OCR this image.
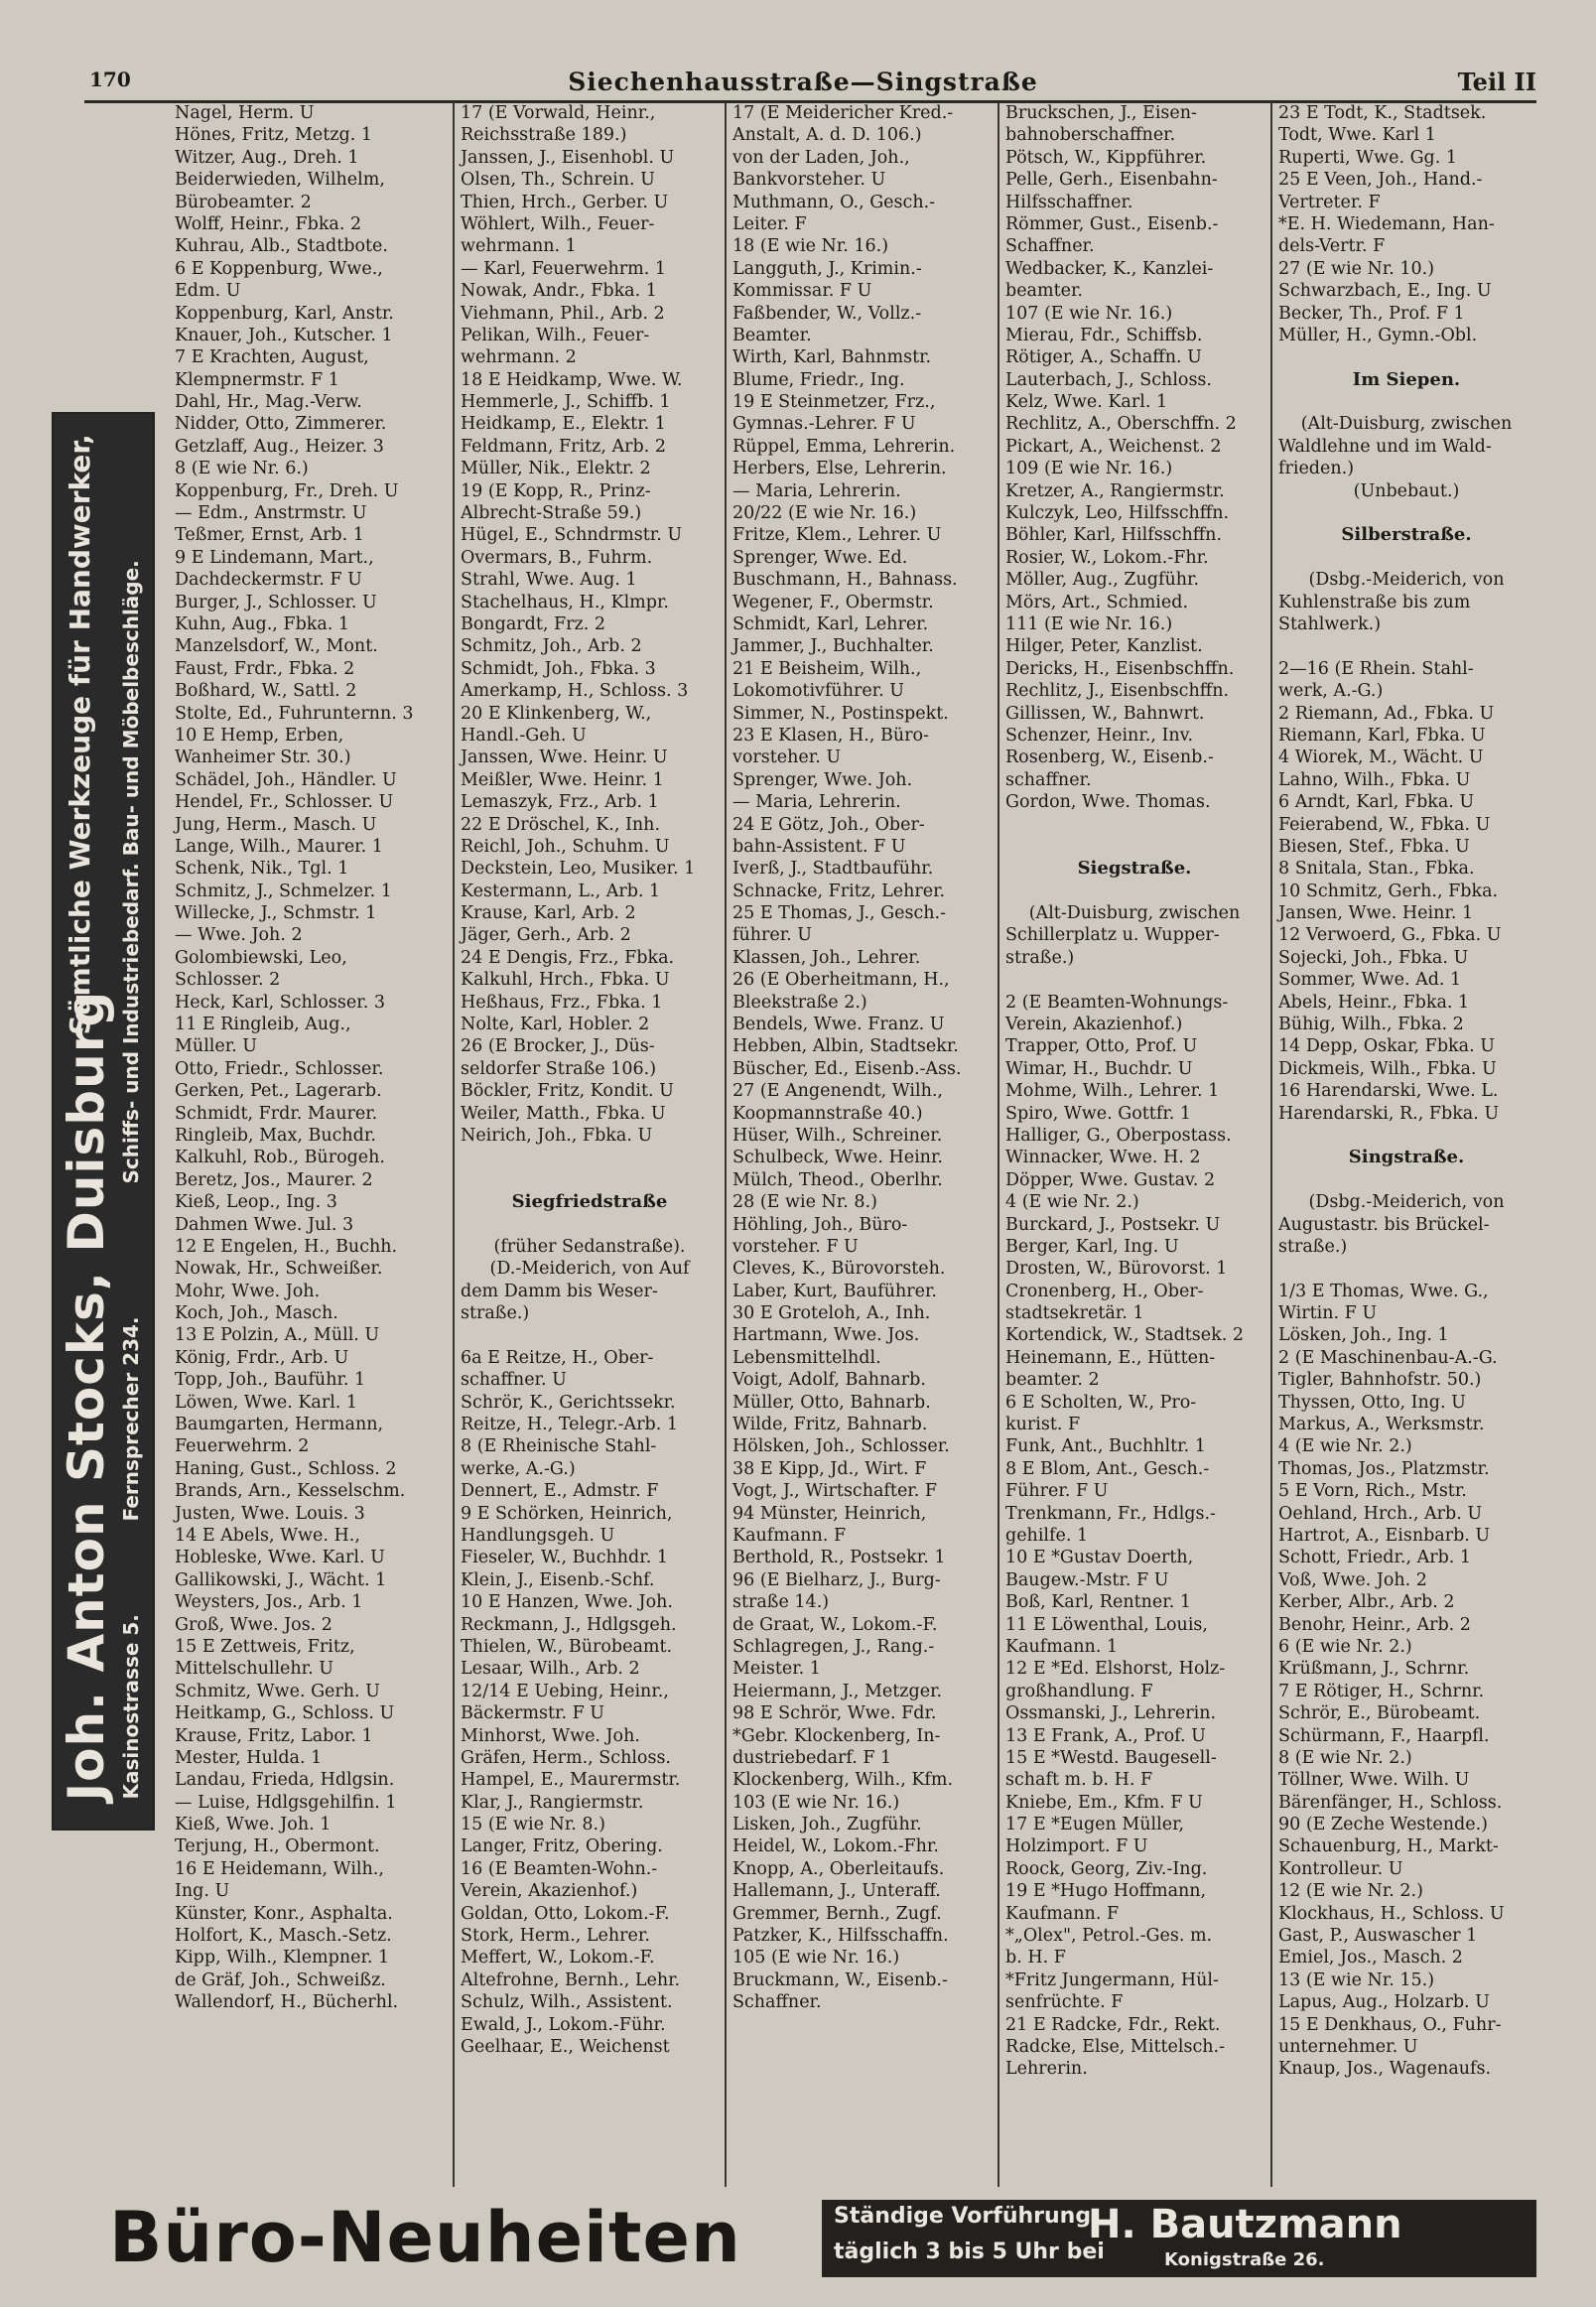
170	Siechenhausstraße—Singstraße	Teil II
Joh. Anton Stocks, Duisburg
Sämtliche Werkzeuge für Handwerker,
Kasinostrasse 5.
Fernsprecher 234.
Schiffs- und Industriebedarf. Bau- und Möbelbeschläge.
Nagel, Herm. U
Hönes, Fritz, Metzg. 1
Witzer, Aug., Dreh. 1
Beiderwieden, Wilhelm,
Bürobeamter. 2
Wolff, Heinr., Fbka. 2
Kuhrau, Alb., Stadtbote.
6 E Koppenburg, Wwe.,
Edm. U
Koppenburg, Karl, Anstr.
Knauer, Joh., Kutscher. 1
7 E Krachten, August,
Klempnermstr. F 1
Dahl, Hr., Mag.-Verw.
Nidder, Otto, Zimmerer.
Getzlaff, Aug., Heizer. 3
8 (E wie Nr. 6.)
Koppenburg, Fr., Dreh. U
— Edm., Anstrmstr. U
Teßmer, Ernst, Arb. 1
9 E Lindemann, Mart.,
Dachdeckermstr. F U
Burger, J., Schlosser. U
Kuhn, Aug., Fbka. 1
Manzelsdorf, W., Mont.
Faust, Frdr., Fbka. 2
Boßhard, W., Sattl. 2
Stolte, Ed., Fuhrunternn. 3
10 E Hemp, Erben,
Wanheimer Str. 30.)
Schädel, Joh., Händler. U
Hendel, Fr., Schlosser. U
Jung, Herm., Masch. U
Lange, Wilh., Maurer. 1
Schenk, Nik., Tgl. 1
Schmitz, J., Schmelzer. 1
Willecke, J., Schmstr. 1
— Wwe. Joh. 2
Golombiewski, Leo,
Schlosser. 2
Heck, Karl, Schlosser. 3
11 E Ringleib, Aug.,
Müller. U
Otto, Friedr., Schlosser.
Gerken, Pet., Lagerarb.
Schmidt, Frdr. Maurer.
Ringleib, Max, Buchdr.
Kalkuhl, Rob., Bürogeh.
Beretz, Jos., Maurer. 2
Kieß, Leop., Ing. 3
Dahmen Wwe. Jul. 3
12 E Engelen, H., Buchh.
Nowak, Hr., Schweißer.
Mohr, Wwe. Joh.
Koch, Joh., Masch.
13 E Polzin, A., Müll. U
König, Frdr., Arb. U
Topp, Joh., Bauführ. 1
Löwen, Wwe. Karl. 1
Baumgarten, Hermann,
Feuerwehrm. 2
Haning, Gust., Schloss. 2
Brands, Arn., Kesselschm.
Justen, Wwe. Louis. 3
14 E Abels, Wwe. H.,
Hobleske, Wwe. Karl. U
Gallikowski, J., Wächt. 1
Weysters, Jos., Arb. 1
Groß, Wwe. Jos. 2
15 E Zettweis, Fritz,
Mittelschullehr. U
Schmitz, Wwe. Gerh. U
Heitkamp, G., Schloss. U
Krause, Fritz, Labor. 1
Mester, Hulda. 1
Landau, Frieda, Hdlgsin.
— Luise, Hdlgsgehilfin. 1
Kieß, Wwe. Joh. 1
Terjung, H., Obermont.
16 E Heidemann, Wilh.,
Ing. U
Künster, Konr., Asphalta.
Holfort, K., Masch.-Setz.
Kipp, Wilh., Klempner. 1
de Gräf, Joh., Schweißz.
Wallendorf, H., Bücherhl.
17 (E Vorwald, Heinr.,
Reichsstraße 189.)
Janssen, J., Eisenhobl. U
Olsen, Th., Schrein. U
Thien, Hrch., Gerber. U
Wöhlert, Wilh., Feuer-
wehrmann. 1
— Karl, Feuerwehrm. 1
Nowak, Andr., Fbka. 1
Viehmann, Phil., Arb. 2
Pelikan, Wilh., Feuer-
wehrmann. 2
18 E Heidkamp, Wwe. W.
Hemmerle, J., Schiffb. 1
Heidkamp, E., Elektr. 1
Feldmann, Fritz, Arb. 2
Müller, Nik., Elektr. 2
19 (E Kopp, R., Prinz-
Albrecht-Straße 59.)
Hügel, E., Schndrmstr. U
Overmars, B., Fuhrm.
Strahl, Wwe. Aug. 1
Stachelhaus, H., Klmpr.
Bongardt, Frz. 2
Schmitz, Joh., Arb. 2
Schmidt, Joh., Fbka. 3
Amerkamp, H., Schloss. 3
20 E Klinkenberg, W.,
Handl.-Geh. U
Janssen, Wwe. Heinr. U
Meißler, Wwe. Heinr. 1
Lemaszyk, Frz., Arb. 1
22 E Dröschel, K., Inh.
Reichl, Joh., Schuhm. U
Deckstein, Leo, Musiker. 1
Kestermann, L., Arb. 1
Krause, Karl, Arb. 2
Jäger, Gerh., Arb. 2
24 E Dengis, Frz., Fbka.
Kalkuhl, Hrch., Fbka. U
Heßhaus, Frz., Fbka. 1
Nolte, Karl, Hobler. 2
26 (E Brocker, J., Düs-
seldorfer Straße 106.)
Böckler, Fritz, Kondit. U
Weiler, Matth., Fbka. U
Neirich, Joh., Fbka. U
Siegfriedstraße
(früher Sedanstraße).
(D.-Meiderich, von Auf
dem Damm bis Weser-
straße.)
6a E Reitze, H., Ober-
schaffner. U
Schrör, K., Gerichtssekr.
Reitze, H., Telegr.-Arb. 1
8 (E Rheinische Stahl-
werke, A.-G.)
Dennert, E., Admstr. F
9 E Schörken, Heinrich,
Handlungsgeh. U
Fieseler, W., Buchhdr. 1
Klein, J., Eisenb.-Schf.
10 E Hanzen, Wwe. Joh.
Reckmann, J., Hdlgsgeh.
Thielen, W., Bürobeamt.
Lesaar, Wilh., Arb. 2
12/14 E Uebing, Heinr.,
Bäckermstr. F U
Minhorst, Wwe. Joh.
Gräfen, Herm., Schloss.
Hampel, E., Maurermstr.
Klar, J., Rangiermstr.
15 (E wie Nr. 8.)
Langer, Fritz, Obering.
16 (E Beamten-Wohn.-
Verein, Akazienhof.)
Goldan, Otto, Lokom.-F.
Stork, Herm., Lehrer.
Meffert, W., Lokom.-F.
Altefrohne, Bernh., Lehr.
Schulz, Wilh., Assistent.
Ewald, J., Lokom.-Führ.
Geelhaar, E., Weichenst
17 (E Meidericher Kred.-
Anstalt, A. d. D. 106.)
von der Laden, Joh.,
Bankvorsteher. U
Muthmann, O., Gesch.-
Leiter. F
18 (E wie Nr. 16.)
Langguth, J., Krimin.-
Kommissar. F U
Faßbender, W., Vollz.-
Beamter.
Wirth, Karl, Bahnmstr.
Blume, Friedr., Ing.
19 E Steinmetzer, Frz.,
Gymnas.-Lehrer. F U
Rüppel, Emma, Lehrerin.
Herbers, Else, Lehrerin.
— Maria, Lehrerin.
20/22 (E wie Nr. 16.)
Fritze, Klem., Lehrer. U
Sprenger, Wwe. Ed.
Buschmann, H., Bahnass.
Wegener, F., Obermstr.
Schmidt, Karl, Lehrer.
Jammer, J., Buchhalter.
21 E Beisheim, Wilh.,
Lokomotivführer. U
Simmer, N., Postinspekt.
23 E Klasen, H., Büro-
vorsteher. U
Sprenger, Wwe. Joh.
— Maria, Lehrerin.
24 E Götz, Joh., Ober-
bahn-Assistent. F U
Iverß, J., Stadtbauführ.
Schnacke, Fritz, Lehrer.
25 E Thomas, J., Gesch.-
führer. U
Klassen, Joh., Lehrer.
26 (E Oberheitmann, H.,
Bleekstraße 2.)
Bendels, Wwe. Franz. U
Hebben, Albin, Stadtsekr.
Büscher, Ed., Eisenb.-Ass.
27 (E Angenendt, Wilh.,
Koopmannstraße 40.)
Hüser, Wilh., Schreiner.
Schulbeck, Wwe. Heinr.
Mülch, Theod., Oberlhr.
28 (E wie Nr. 8.)
Höhling, Joh., Büro-
vorsteher. F U
Cleves, K., Bürovorsteh.
Laber, Kurt, Bauführer.
30 E Groteloh, A., Inh.
Hartmann, Wwe. Jos.
Lebensmittelhdl.
Voigt, Adolf, Bahnarb.
Müller, Otto, Bahnarb.
Wilde, Fritz, Bahnarb.
Hölsken, Joh., Schlosser.
38 E Kipp, Jd., Wirt. F
Vogt, J., Wirtschafter. F
94 Münster, Heinrich,
Kaufmann. F
Berthold, R., Postsekr. 1
96 (E Bielharz, J., Burg-
straße 14.)
de Graat, W., Lokom.-F.
Schlagregen, J., Rang.-
Meister. 1
Heiermann, J., Metzger.
98 E Schrör, Wwe. Fdr.
*Gebr. Klockenberg, In-
dustriebedarf. F 1
Klockenberg, Wilh., Kfm.
103 (E wie Nr. 16.)
Lisken, Joh., Zugführ.
Heidel, W., Lokom.-Fhr.
Knopp, A., Oberleitaufs.
Hallemann, J., Unteraff.
Gremmer, Bernh., Zugf.
Patzker, K., Hilfsschaffn.
105 (E wie Nr. 16.)
Bruckmann, W., Eisenb.-
Schaffner.
Bruckschen, J., Eisen-
bahnoberschaffner.
Pötsch, W., Kippführer.
Pelle, Gerh., Eisenbahn-
Hilfsschaffner.
Römmer, Gust., Eisenb.-
Schaffner.
Wedbacker, K., Kanzlei-
beamter.
107 (E wie Nr. 16.)
Mierau, Fdr., Schiffsb.
Rötiger, A., Schaffn. U
Lauterbach, J., Schloss.
Kelz, Wwe. Karl. 1
Rechlitz, A., Oberschffn. 2
Pickart, A., Weichenst. 2
109 (E wie Nr. 16.)
Kretzer, A., Rangiermstr.
Kulczyk, Leo, Hilfsschffn.
Böhler, Karl, Hilfsschffn.
Rosier, W., Lokom.-Fhr.
Möller, Aug., Zugführ.
Mörs, Art., Schmied.
111 (E wie Nr. 16.)
Hilger, Peter, Kanzlist.
Dericks, H., Eisenbschffn.
Rechlitz, J., Eisenbschffn.
Gillissen, W., Bahnwrt.
Schenzer, Heinr., Inv.
Rosenberg, W., Eisenb.-
schaffner.
Gordon, Wwe. Thomas.
Siegstraße.
(Alt-Duisburg, zwischen
Schillerplatz u. Wupper-
straße.)
2 (E Beamten-Wohnungs-
Verein, Akazienhof.)
Trapper, Otto, Prof. U
Wimar, H., Buchdr. U
Mohme, Wilh., Lehrer. 1
Spiro, Wwe. Gottfr. 1
Halliger, G., Oberpostass.
Winnacker, Wwe. H. 2
Döpper, Wwe. Gustav. 2
4 (E wie Nr. 2.)
Burckard, J., Postsekr. U
Berger, Karl, Ing. U
Drosten, W., Bürovorst. 1
Cronenberg, H., Ober-
stadtsekretär. 1
Kortendick, W., Stadtsek. 2
Heinemann, E., Hütten-
beamter. 2
6 E Scholten, W., Pro-
kurist. F
Funk, Ant., Buchhltr. 1
8 E Blom, Ant., Gesch.-
Führer. F U
Trenkmann, Fr., Hdlgs.-
gehilfe. 1
10 E *Gustav Doerth,
Baugew.-Mstr. F U
Boß, Karl, Rentner. 1
11 E Löwenthal, Louis,
Kaufmann. 1
12 E *Ed. Elshorst, Holz-
großhandlung. F
Ossmanski, J., Lehrerin.
13 E Frank, A., Prof. U
15 E *Westd. Baugesell-
schaft m. b. H. F
Kniebe, Em., Kfm. F U
17 E *Eugen Müller,
Holzimport. F U
Roock, Georg, Ziv.-Ing.
19 E *Hugo Hoffmann,
Kaufmann. F
*„Olex", Petrol.-Ges. m.
b. H. F
*Fritz Jungermann, Hül-
senfrüchte. F
21 E Radcke, Fdr., Rekt.
Radcke, Else, Mittelsch.-
Lehrerin.
23 E Todt, K., Stadtsek.
Todt, Wwe. Karl 1
Ruperti, Wwe. Gg. 1
25 E Veen, Joh., Hand.-
Vertreter. F
*E. H. Wiedemann, Han-
dels-Vertr. F
27 (E wie Nr. 10.)
Schwarzbach, E., Ing. U
Becker, Th., Prof. F 1
Müller, H., Gymn.-Obl.
Im Siepen.
(Alt-Duisburg, zwischen
Waldlehne und im Wald-
frieden.)
(Unbebaut.)
Silberstraße.
(Dsbg.-Meiderich, von
Kuhlenstraße bis zum
Stahlwerk.)
2—16 (E Rhein. Stahl-
werk, A.-G.)
2 Riemann, Ad., Fbka. U
Riemann, Karl, Fbka. U
4 Wiorek, M., Wächt. U
Lahno, Wilh., Fbka. U
6 Arndt, Karl, Fbka. U
Feierabend, W., Fbka. U
Biesen, Stef., Fbka. U
8 Snitala, Stan., Fbka.
10 Schmitz, Gerh., Fbka.
Jansen, Wwe. Heinr. 1
12 Verwoerd, G., Fbka. U
Sojecki, Joh., Fbka. U
Sommer, Wwe. Ad. 1
Abels, Heinr., Fbka. 1
Bühig, Wilh., Fbka. 2
14 Depp, Oskar, Fbka. U
Dickmeis, Wilh., Fbka. U
16 Harendarski, Wwe. L.
Harendarski, R., Fbka. U
Singstraße.
(Dsbg.-Meiderich, von
Augustastr. bis Brückel-
straße.)
1/3 E Thomas, Wwe. G.,
Wirtin. F U
Lösken, Joh., Ing. 1
2 (E Maschinenbau-A.-G.
Tigler, Bahnhofstr. 50.)
Thyssen, Otto, Ing. U
Markus, A., Werksmstr.
4 (E wie Nr. 2.)
Thomas, Jos., Platzmstr.
5 E Vorn, Rich., Mstr.
Oehland, Hrch., Arb. U
Hartrot, A., Eisnbarb. U
Schott, Friedr., Arb. 1
Voß, Wwe. Joh. 2
Kerber, Albr., Arb. 2
Benohr, Heinr., Arb. 2
6 (E wie Nr. 2.)
Krüßmann, J., Schrnr.
7 E Rötiger, H., Schrnr.
Schrör, E., Bürobeamt.
Schürmann, F., Haarpfl.
8 (E wie Nr. 2.)
Töllner, Wwe. Wilh. U
Bärenfänger, H., Schloss.
90 (E Zeche Westende.)
Schauenburg, H., Markt-
Kontrolleur. U
12 (E wie Nr. 2.)
Klockhaus, H., Schloss. U
Gast, P., Auswascher 1
Emiel, Jos., Masch. 2
13 (E wie Nr. 15.)
Lapus, Aug., Holzarb. U
15 E Denkhaus, O., Fuhr-
unternehmer. U
Knaup, Jos., Wagenaufs.
Büro-Neuheiten	Ständige Vorführung
täglich 3 bis 5 Uhr bei
H. Bautzmann
Konigstraße 26.
